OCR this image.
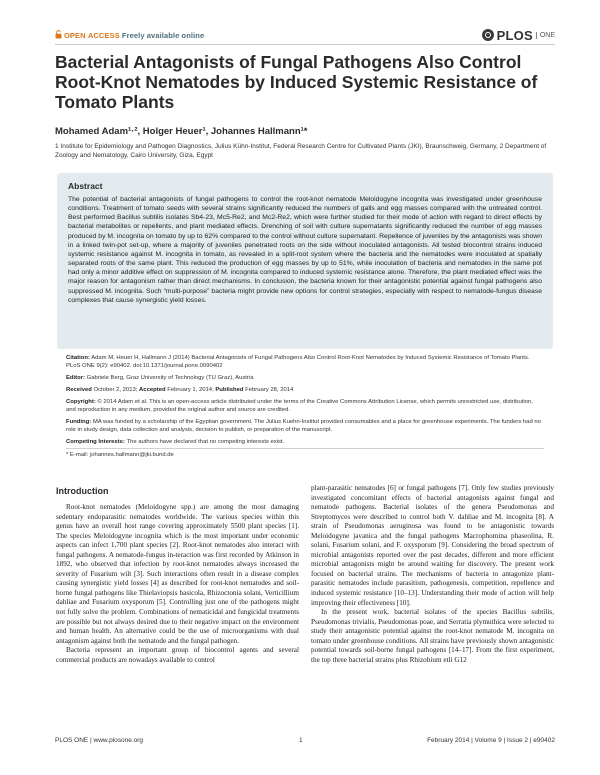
OPEN ACCESS Freely available online	PLOS	ONE
Bacterial Antagonists of Fungal Pathogens Also Control Root-Knot Nematodes by Induced Systemic Resistance of Tomato Plants
Mohamed Adam¹·², Holger Heuer¹, Johannes Hallmann¹*
1 Institute for Epidemiology and Pathogen Diagnostics, Julius Kühn-Institut, Federal Research Centre for Cultivated Plants (JKI), Braunschweig, Germany, 2 Department of Zoology and Nematology, Cairo University, Giza, Egypt
Abstract
The potential of bacterial antagonists of fungal pathogens to control the root-knot nematode Meloidogyne incognita was investigated under greenhouse conditions. Treatment of tomato seeds with several strains significantly reduced the numbers of galls and egg masses compared with the untreated control. Best performed Bacillus subtilis isolates Sb4-23, Mc5-Re2, and Mc2-Re2, which were further studied for their mode of action with regard to direct effects by bacterial metabolites or repellents, and plant mediated effects. Drenching of soil with culture supernatants significantly reduced the number of egg masses produced by M. incognita on tomato by up to 62% compared to the control without culture supernatant. Repellence of juveniles by the antagonists was shown in a linked twin-pot set-up, where a majority of juveniles penetrated roots on the side without inoculated antagonists. All tested biocontrol strains induced systemic resistance against M. incognita in tomato, as revealed in a split-root system where the bacteria and the nematodes were inoculated at spatially separated roots of the same plant. This reduced the production of egg masses by up to 51%, while inoculation of bacteria and nematodes in the same pot had only a minor additive effect on suppression of M. incognita compared to induced systemic resistance alone. Therefore, the plant mediated effect was the major reason for antagonism rather than direct mechanisms. In conclusion, the bacteria known for their antagonistic potential against fungal pathogens also suppressed M. incognita. Such “multi-purpose” bacteria might provide new options for control strategies, especially with respect to nematode-fungus disease complexes that cause synergistic yield losses.
Citation: Adam M, Heuer H, Hallmann J (2014) Bacterial Antagonists of Fungal Pathogens Also Control Root-Knot Nematodes by Induced Systemic Resistance of Tomato Plants. PLoS ONE 9(2): e90402. doi:10.1371/journal.pone.0090402
Editor: Gabriele Berg, Graz University of Technology (TU Graz), Austria
Received October 2, 2013; Accepted February 1, 2014; Published February 28, 2014
Copyright: © 2014 Adam et al. This is an open-access article distributed under the terms of the Creative Commons Attribution License, which permits unrestricted use, distribution, and reproduction in any medium, provided the original author and source are credited.
Funding: MA was funded by a scholarship of the Egyptian government. The Julius Kuehn-Institut provided consumables and a place for greenhouse experiments. The funders had no role in study design, data collection and analysis, decision to publish, or preparation of the manuscript.
Competing Interests: The authors have declared that no competing interests exist.
* E-mail: johannes.hallmann@jki.bund.de
Introduction

Root-knot nematodes (Meloidogyne spp.) are among the most damaging sedentary endoparasitic nematodes worldwide. The various species within this genus have an overall host range covering approximately 5500 plant species [1]. The species Meloidogyne incognita which is the most important under economic aspects can infect 1,700 plant species [2]. Root-knot nematodes also interact with fungal pathogens. A nematode-fungus in-teraction was first recorded by Atkinson in 1892, who observed that infection by root-knot nematodes always increased the severity of Fusarium wilt [3]. Such interactions often result in a disease complex causing synergistic yield losses [4] as described for root-knot nematodes and soil-borne fungal pathogens like Thielaviopsis basicola, Rhizoctonia solani, Verticillium dahliae and Fusarium oxysporum [5]. Controlling just one of the pathogens might not fully solve the problem. Combinations of nematicidal and fungicidal treatments are possible but not always desired due to their negative impact on the environment and human health. An alternative could be the use of microorganisms with dual antagonism against both the nematode and the fungal pathogen.

Bacteria represent an important group of biocontrol agents and several commercial products are nowadays available to control

plant-parasitic nematodes [6] or fungal pathogens [7]. Only few studies previously investigated concomitant effects of bacterial antagonists against fungal and nematode pathogens. Bacterial isolates of the genera Pseudomonas and Streptomyces were described to control both V. dahliae and M. incognita [8]. A strain of Pseudomonas aeruginosa was found to be antagonistic towards Meloidogyne javanica and the fungal pathogens Macrophomina phaseolina, R. solani, Fusarium solani, and F. oxysporum [9]. Considering the broad spectrum of microbial antagonists reported over the past decades, different and more efficient microbial antagonists might be around waiting for discovery. The present work focused on bacterial strains. The mechanisms of bacteria to antagonize plant-parasitic nematodes include parasitism, pathogenesis, competition, repellence and induced systemic resistance [10–13]. Understanding their mode of action will help improving their effectiveness [10].

In the present work, bacterial isolates of the species Bacillus subtilis, Pseudomonas trivialis, Pseudomonas poae, and Serratia plymuthica were selected to study their antagonistic potential against the root-knot nematode M. incognita on tomato under greenhouse conditions. All strains have previously shown antagonistic potential towards soil-borne fungal pathogens [14–17]. From the first experiment, the top three bacterial strains plus Rhizobium etli G12

PLOS ONE | www.plosone.org	1	February 2014 | Volume 9 | Issue 2 | e90402
